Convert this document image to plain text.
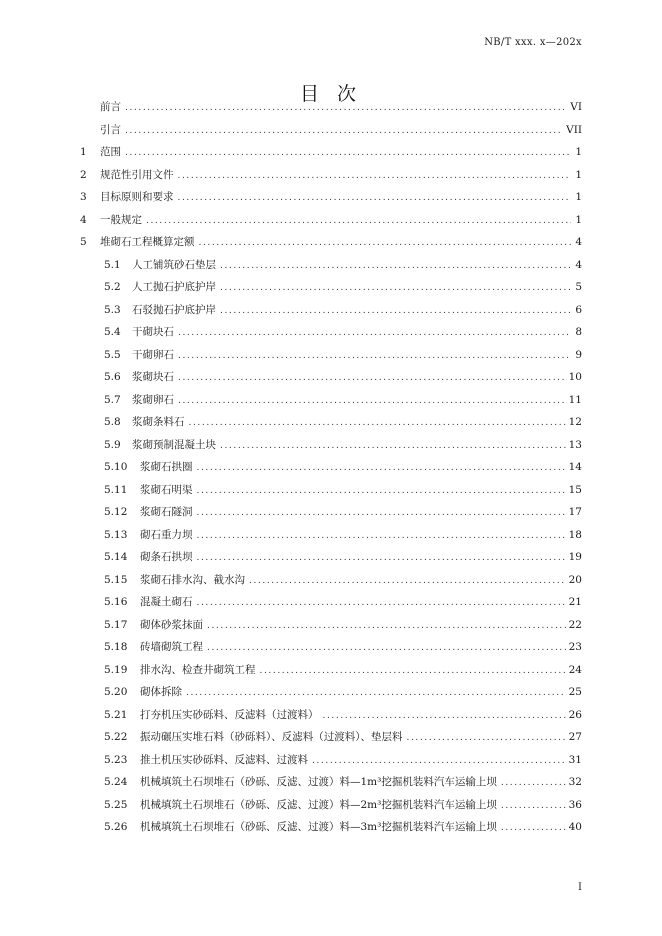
NB/T xxx. x—202x
目 次
前言 .....	VI
引言 .....	VII
1	范围 .....	1
2	规范性引用文件 .....	1
3	目标原则和要求 .....	1
4	一般规定 .....	1
5	堆砌石工程概算定额 .....	4
5.1	人工铺筑砂石垫层 .....	4
5.2	人工抛石护底护岸 .....	5
5.3	石驳抛石护底护岸 .....	6
5.4	干砌块石 .....	8
5.5	干砌卵石 .....	9
5.6	浆砌块石 .....	10
5.7	浆砌卵石 .....	11
5.8	浆砌条料石 .....	12
5.9	浆砌预制混凝土块 .....	13
5.10	浆砌石拱圈 .....	14
5.11	浆砌石明渠 .....	15
5.12	浆砌石隧洞 .....	17
5.13	砌石重力坝 .....	18
5.14	砌条石拱坝 .....	19
5.15	浆砌石排水沟、截水沟 .....	20
5.16	混凝土砌石 .....	21
5.17	砌体砂浆抹面 .....	22
5.18	砖墙砌筑工程 .....	23
5.19	排水沟、检查井砌筑工程 .....	24
5.20	砌体拆除 .....	25
5.21	打夯机压实砂砾料、反滤料（过渡料） .....	26
5.22	振动碾压实堆石料（砂砾料）、反滤料（过渡料）、垫层料 .....	27
5.23	推土机压实砂砾料、反滤料、过渡料 .....	31
5.24	机械填筑土石坝堆石（砂砾、反滤、过渡）料—1m³挖掘机装料汽车运输上坝 .....	32
5.25	机械填筑土石坝堆石（砂砾、反滤、过渡）料—2m³挖掘机装料汽车运输上坝 .....	36
5.26	机械填筑土石坝堆石（砂砾、反滤、过渡）料—3m³挖掘机装料汽车运输上坝 .....	40
I
